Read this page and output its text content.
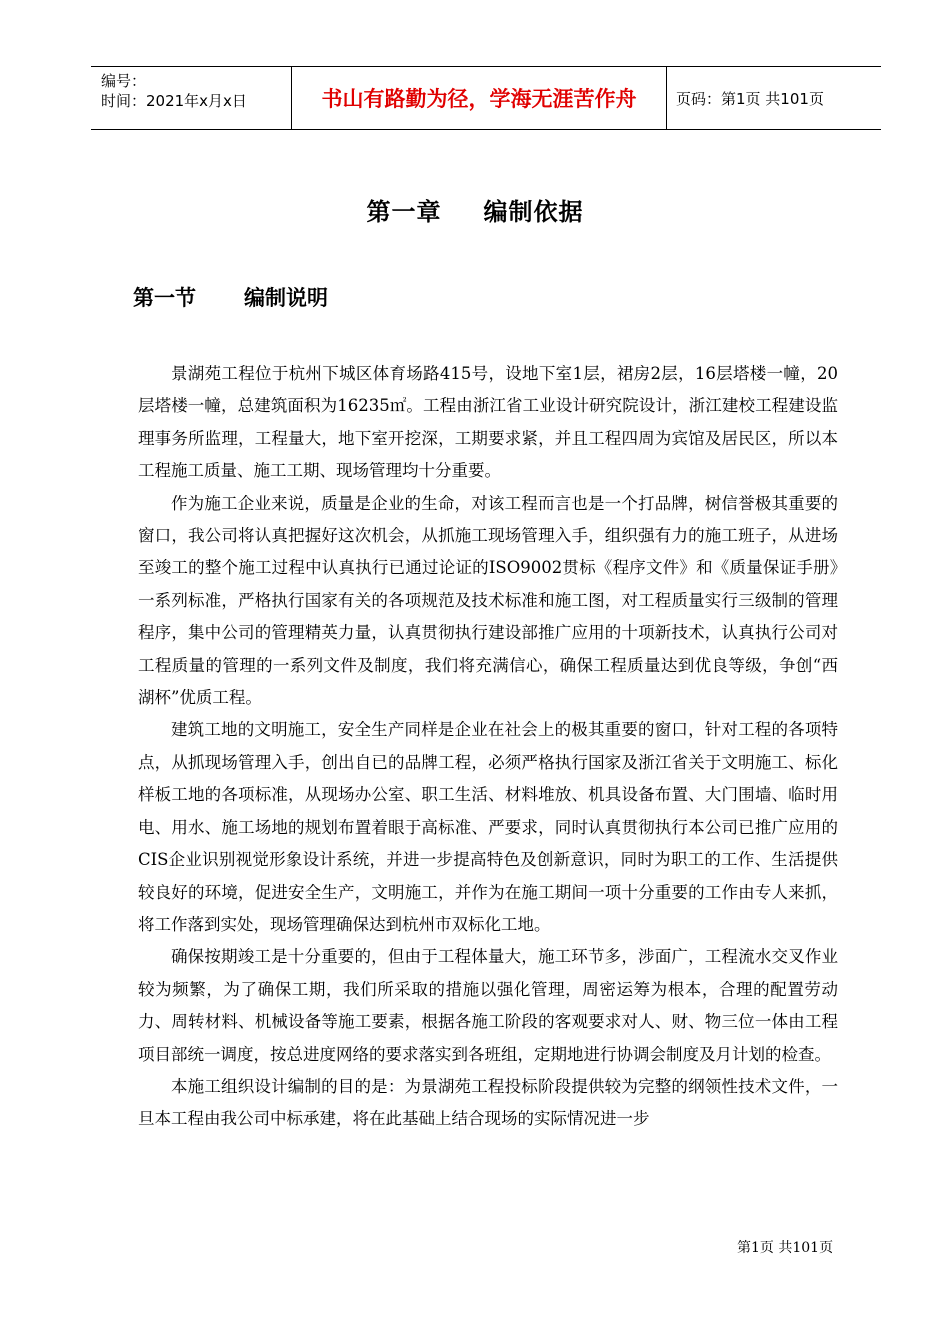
编号：
时间：2021年x月x日	书山有路勤为径，学海无涯苦作舟	页码：第1页 共101页
第一章 编制依据
第一节 编制说明

景湖苑工程位于杭州下城区体育场路415号，设地下室1层，裙房2层，16层塔楼一幢，20层塔楼一幢，总建筑面积为16235㎡。工程由浙江省工业设计研究院设计，浙江建校工程建设监理事务所监理，工程量大，地下室开挖深，工期要求紧，并且工程四周为宾馆及居民区，所以本工程施工质量、施工工期、现场管理均十分重要。

作为施工企业来说，质量是企业的生命，对该工程而言也是一个打品牌，树信誉极其重要的窗口，我公司将认真把握好这次机会，从抓施工现场管理入手，组织强有力的施工班子，从进场至竣工的整个施工过程中认真执行已通过论证的ISO9002贯标《程序文件》和《质量保证手册》一系列标准，严格执行国家有关的各项规范及技术标准和施工图，对工程质量实行三级制的管理程序，集中公司的管理精英力量，认真贯彻执行建设部推广应用的十项新技术，认真执行公司对工程质量的管理的一系列文件及制度，我们将充满信心，确保工程质量达到优良等级，争创“西湖杯”优质工程。

建筑工地的文明施工，安全生产同样是企业在社会上的极其重要的窗口，针对工程的各项特点，从抓现场管理入手，创出自已的品牌工程，必须严格执行国家及浙江省关于文明施工、标化样板工地的各项标准，从现场办公室、职工生活、材料堆放、机具设备布置、大门围墙、临时用电、用水、施工场地的规划布置着眼于高标准、严要求，同时认真贯彻执行本公司已推广应用的CIS企业识别视觉形象设计系统，并进一步提高特色及创新意识，同时为职工的工作、生活提供较良好的环境，促进安全生产，文明施工，并作为在施工期间一项十分重要的工作由专人来抓，将工作落到实处，现场管理确保达到杭州市双标化工地。

确保按期竣工是十分重要的，但由于工程体量大，施工环节多，涉面广，工程流水交叉作业较为频繁，为了确保工期，我们所采取的措施以强化管理，周密运筹为根本，合理的配置劳动力、周转材料、机械设备等施工要素，根据各施工阶段的客观要求对人、财、物三位一体由工程项目部统一调度，按总进度网络的要求落实到各班组，定期地进行协调会制度及月计划的检查。

本施工组织设计编制的目的是：为景湖苑工程投标阶段提供较为完整的纲领性技术文件，一旦本工程由我公司中标承建，将在此基础上结合现场的实际情况进一步

第1页 共101页
